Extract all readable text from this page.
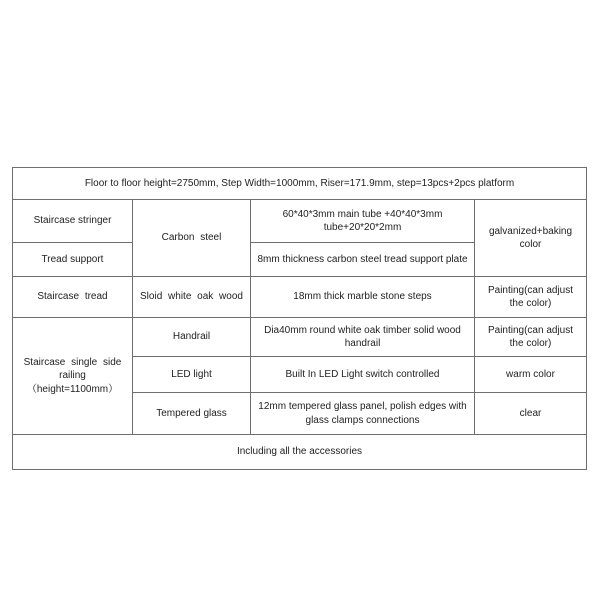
Floor to floor height=2750mm, Step Width=1000mm, Riser=171.9mm, step=13pcs+2pcs platform			

Staircase stringer	Carbon steel	60*40*3mm main tube +40*40*3mm tube+20*20*2mm	galvanized+baking color

Tread support		8mm thickness carbon steel tread support plate	

Staircase tread	Sloid white oak wood	18mm thick marble stone steps	Painting(can adjust the color)

Staircase single side railing（height=1100mm）	Handrail	Dia40mm round white oak timber solid wood handrail	Painting(can adjust the color)

	LED light	Built In LED Light switch controlled	warm color

	Tempered glass	12mm tempered glass panel, polish edges with glass clamps connections	clear

Including all the accessories			
